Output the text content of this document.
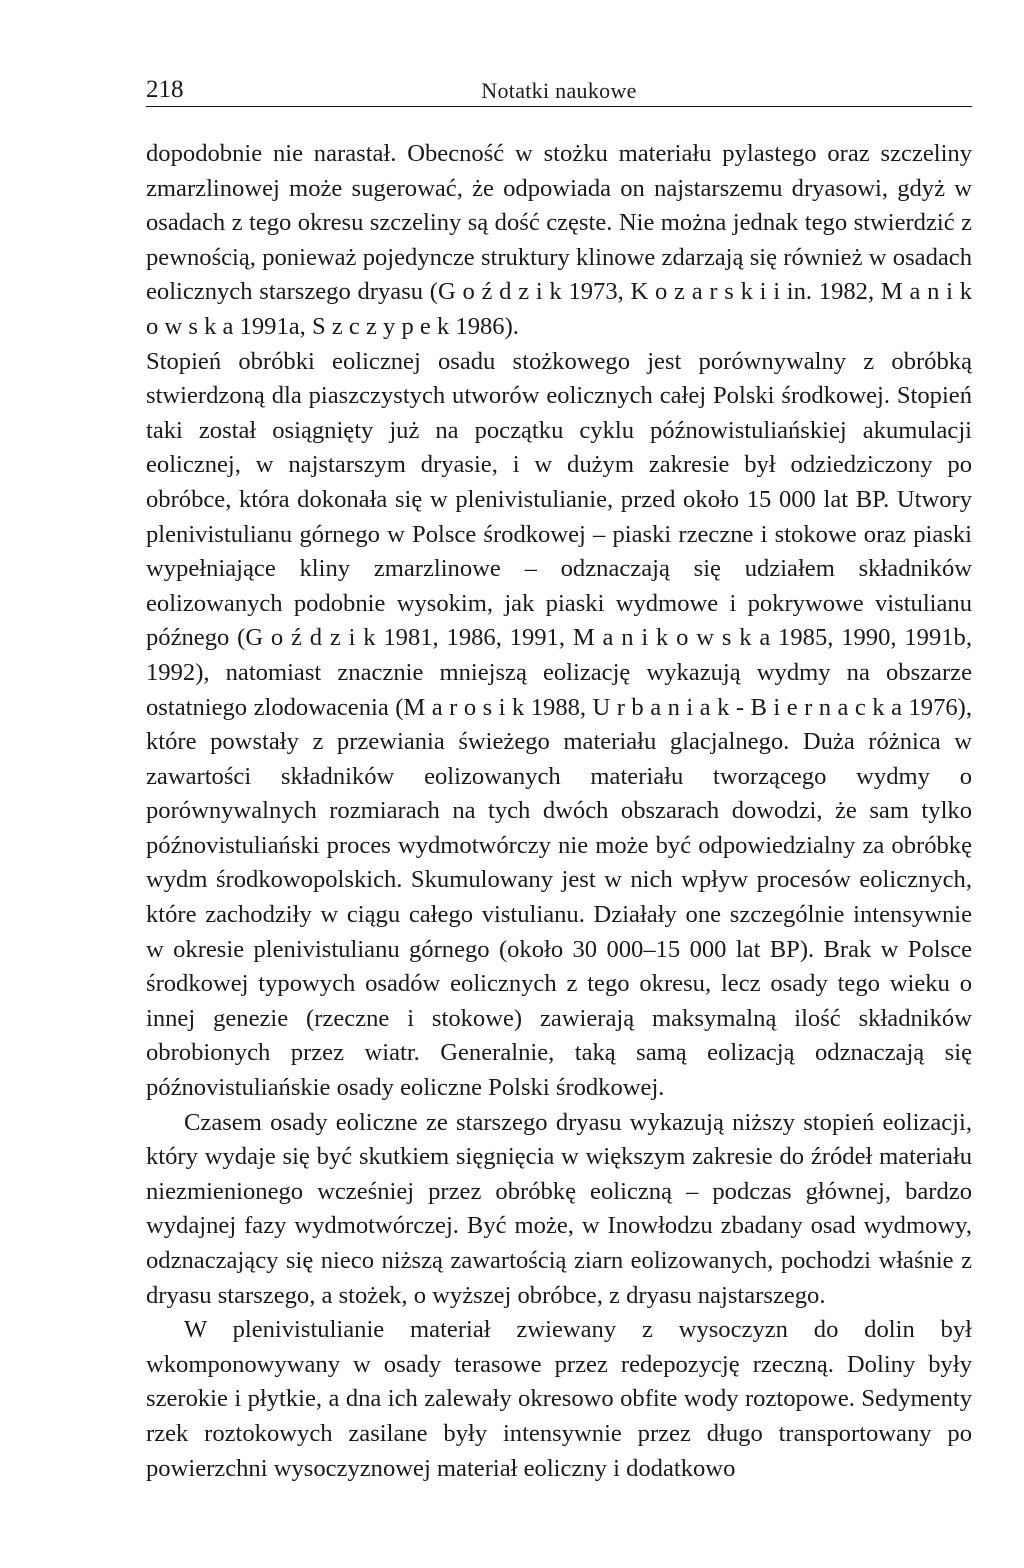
218	Notatki naukowe

dopodobnie nie narastał. Obecność w stożku materiału pylastego oraz szczeliny zmarzlinowej może sugerować, że odpowiada on najstarszemu dryasowi, gdyż w osadach z tego okresu szczeliny są dość częste. Nie można jednak tego stwierdzić z pewnością, ponieważ pojedyncze struktury klinowe zdarzają się również w osadach eolicznych starszego dryasu (G o ź d z i k 1973, K o z a r s k i i in. 1982, M a n i k o w s k a 1991a, S z c z y p e k 1986).

Stopień obróbki eolicznej osadu stożkowego jest porównywalny z obróbką stwierdzoną dla piaszczystych utworów eolicznych całej Polski środkowej. Stopień taki został osiągnięty już na początku cyklu późnowistuliańskiej akumulacji eolicznej, w najstarszym dryasie, i w dużym zakresie był odziedziczony po obróbce, która dokonała się w plenivistulianie, przed około 15 000 lat BP. Utwory plenivistulianu górnego w Polsce środkowej – piaski rzeczne i stokowe oraz piaski wypełniające kliny zmarzlinowe – odznaczają się udziałem składników eolizowanych podobnie wysokim, jak piaski wydmowe i pokrywowe vistulianu późnego (G o ź d z i k 1981, 1986, 1991, M a n i k o w s k a 1985, 1990, 1991b, 1992), natomiast znacznie mniejszą eolizację wykazują wydmy na obszarze ostatniego zlodowacenia (M a r o s i k 1988, U r b a n i a k - B i e r n a c k a 1976), które powstały z przewiania świeżego materiału glacjalnego. Duża różnica w zawartości składników eolizowanych materiału tworzącego wydmy o porównywalnych rozmiarach na tych dwóch obszarach dowodzi, że sam tylko późnovistuliański proces wydmotwórczy nie może być odpowiedzialny za obróbkę wydm środkowopolskich. Skumulowany jest w nich wpływ procesów eolicznych, które zachodziły w ciągu całego vistulianu. Działały one szczególnie intensywnie w okresie plenivistulianu górnego (około 30 000–15 000 lat BP). Brak w Polsce środkowej typowych osadów eolicznych z tego okresu, lecz osady tego wieku o innej genezie (rzeczne i stokowe) zawierają maksymalną ilość składników obrobionych przez wiatr. Generalnie, taką samą eolizacją odznaczają się późnovistuliańskie osady eoliczne Polski środkowej.

Czasem osady eoliczne ze starszego dryasu wykazują niższy stopień eolizacji, który wydaje się być skutkiem sięgnięcia w większym zakresie do źródeł materiału niezmienionego wcześniej przez obróbkę eoliczną – podczas głównej, bardzo wydajnej fazy wydmotwórczej. Być może, w Inowłodzu zbadany osad wydmowy, odznaczający się nieco niższą zawartością ziarn eolizowanych, pochodzi właśnie z dryasu starszego, a stożek, o wyższej obróbce, z dryasu najstarszego.

W plenivistulianie materiał zwiewany z wysoczyzn do dolin był wkomponowywany w osady terasowe przez redepozycję rzeczną. Doliny były szerokie i płytkie, a dna ich zalewały okresowo obfite wody roztopowe. Sedymenty rzek roztokowych zasilane były intensywnie przez długo transportowany po powierzchni wysoczyznowej materiał eoliczny i dodatkowo
